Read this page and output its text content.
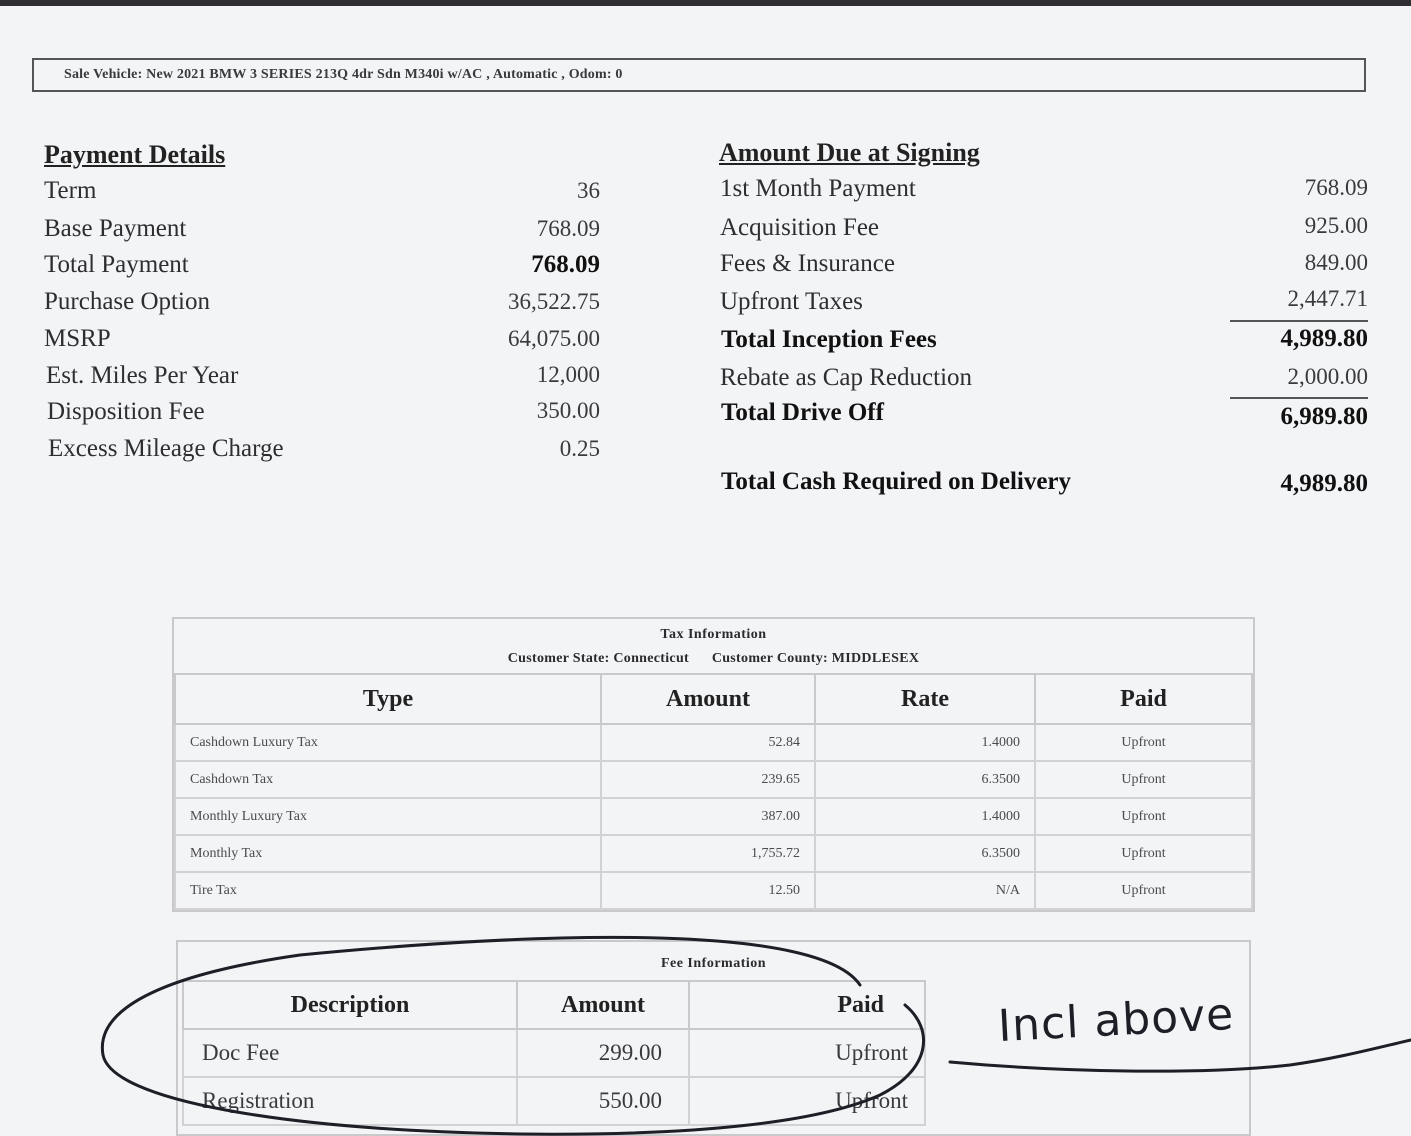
Sale Vehicle: New 2021 BMW 3 SERIES 213Q 4dr Sdn M340i w/AC , Automatic , Odom: 0
Payment Details
Term	36
Base Payment	768.09
Total Payment	768.09
Purchase Option	36,522.75
MSRP	64,075.00
Est. Miles Per Year	12,000
Disposition Fee	350.00
Excess Mileage Charge	0.25
Amount Due at Signing
1st Month Payment	768.09
Acquisition Fee	925.00
Fees & Insurance	849.00
Upfront Taxes	2,447.71
Total Inception Fees	4,989.80
Rebate as Cap Reduction	2,000.00
Total Drive Off	6,989.80
Total Cash Required on Delivery	4,989.80
Tax Information
Customer State: Connecticut Customer County: MIDDLESEX
Type	Amount	Rate	Paid
Cashdown Luxury Tax	52.84	1.4000	Upfront
Cashdown Tax	239.65	6.3500	Upfront
Monthly Luxury Tax	387.00	1.4000	Upfront
Monthly Tax	1,755.72	6.3500	Upfront
Tire Tax	12.50	N/A	Upfront
Fee Information
Description	Amount	Paid
Doc Fee	299.00	Upfront
Registration	550.00	Upfront
Incl above
